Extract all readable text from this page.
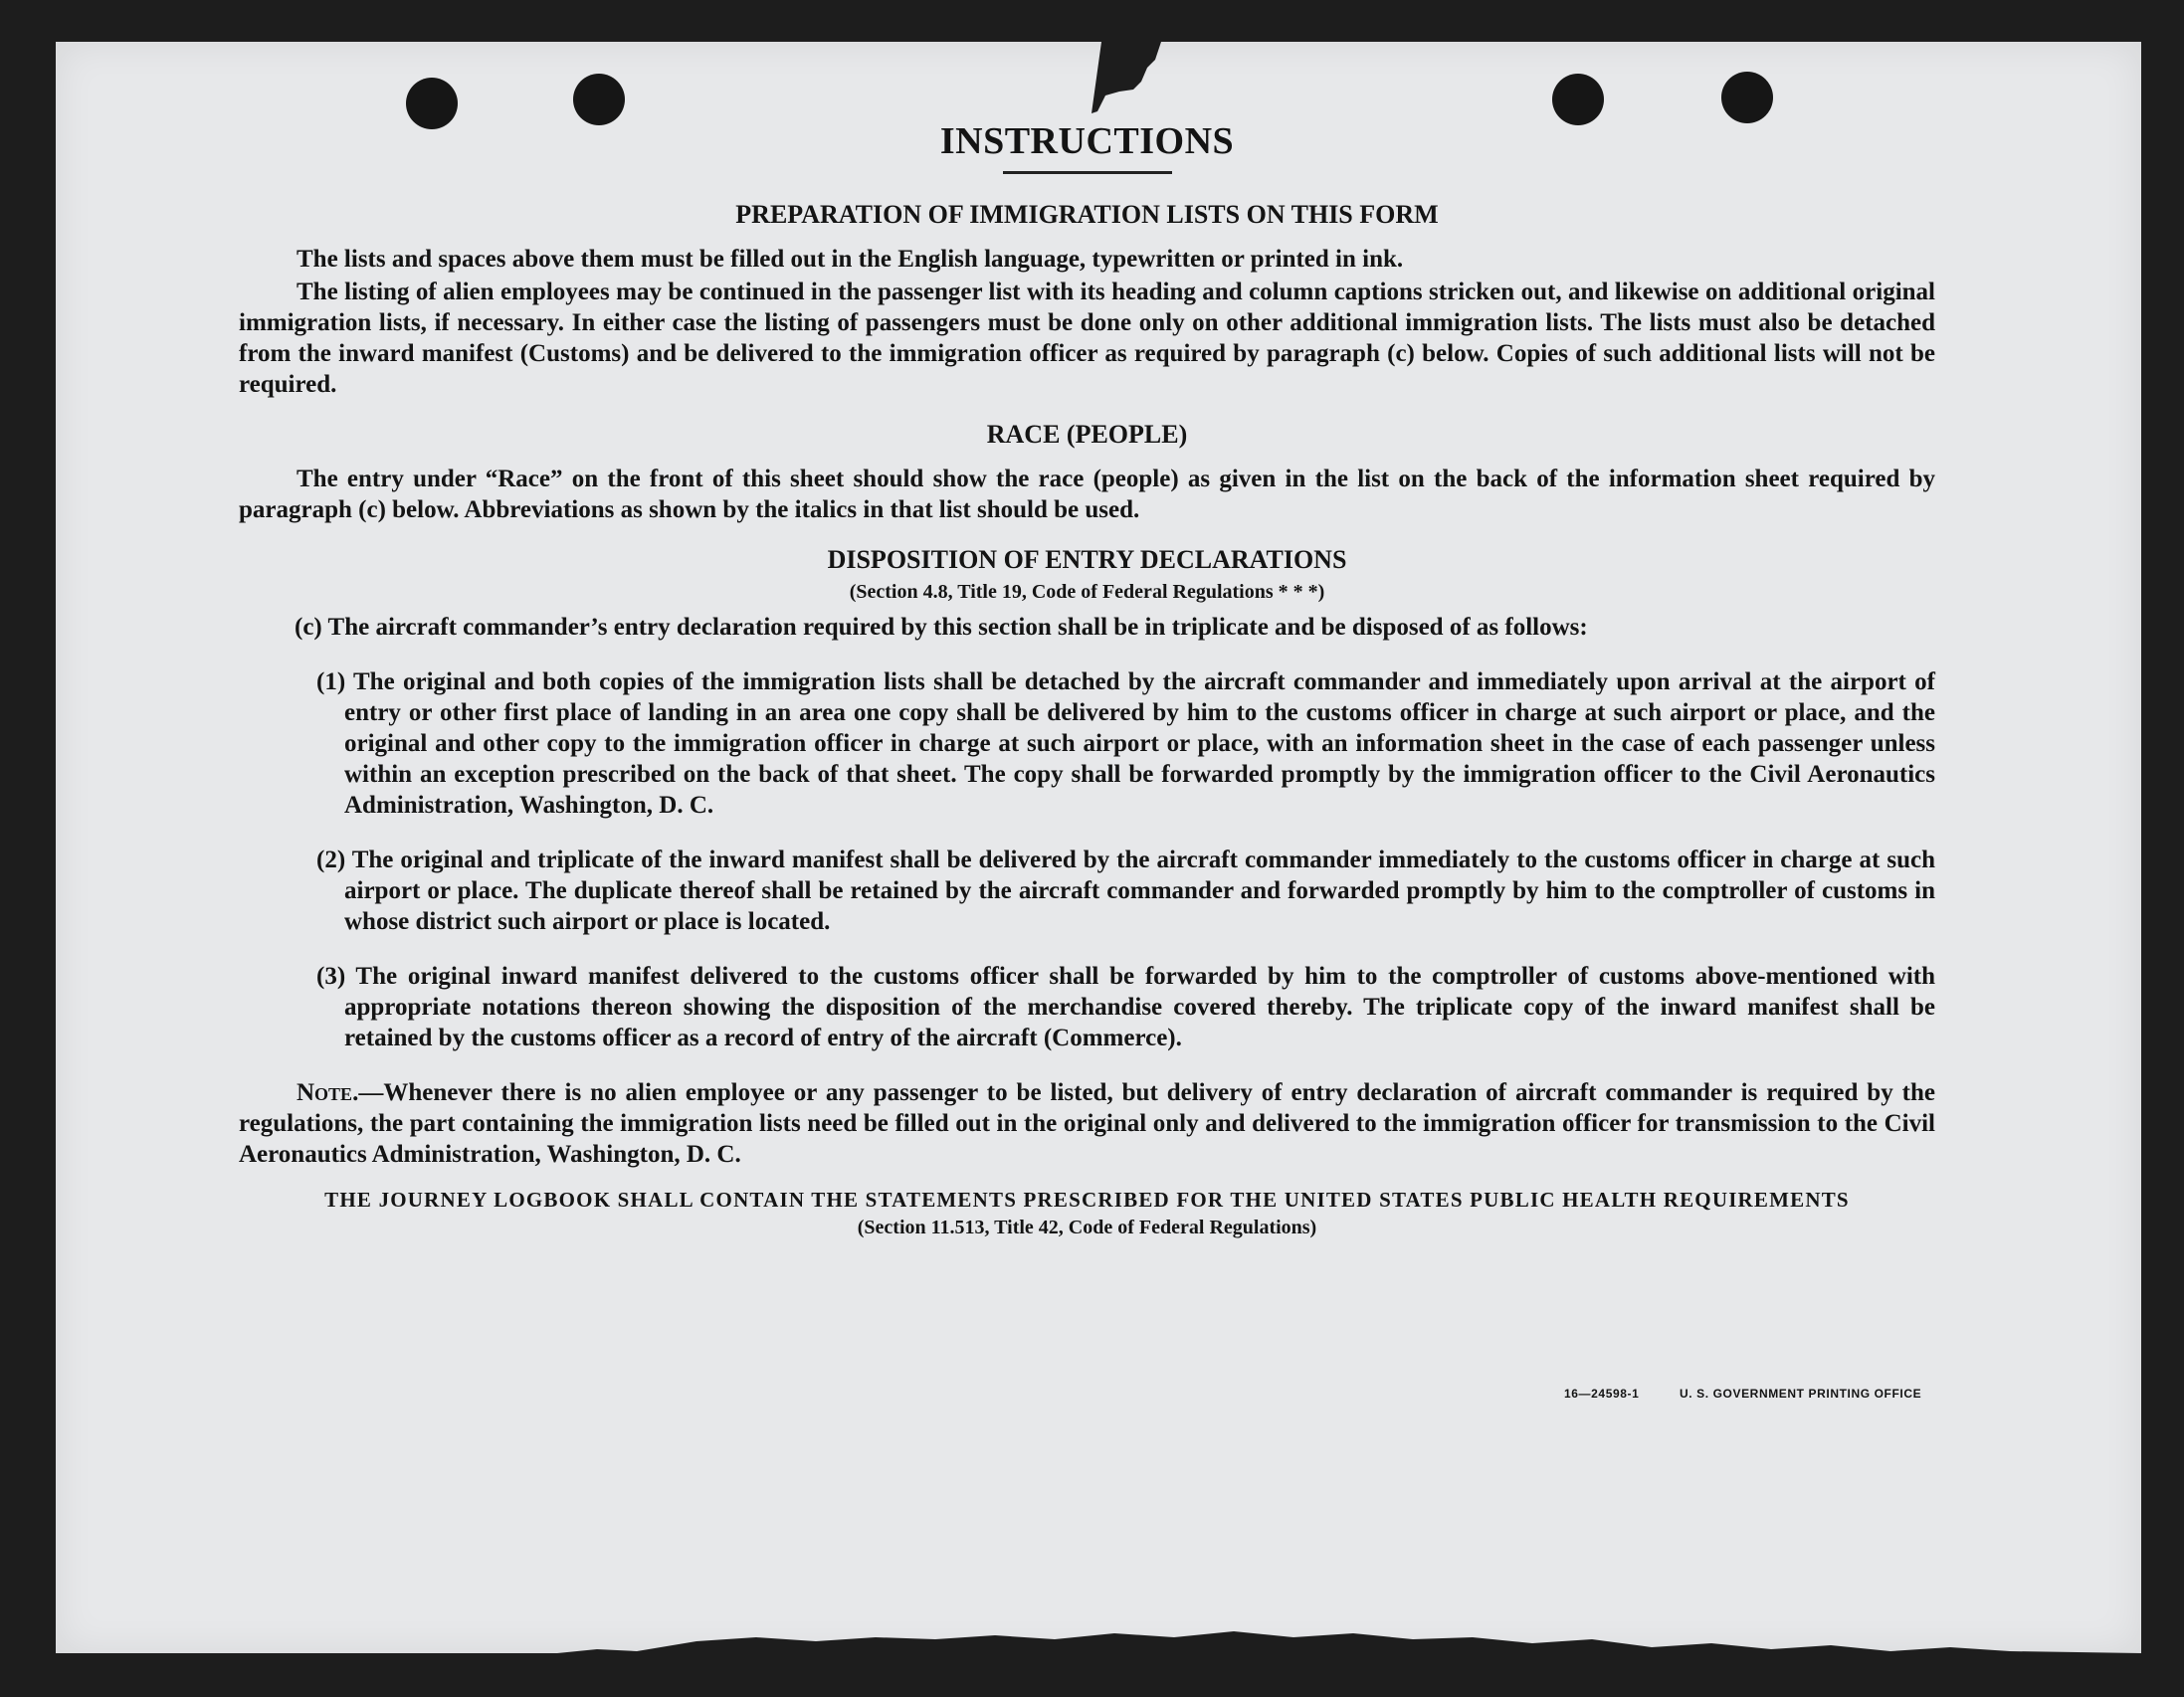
INSTRUCTIONS
PREPARATION OF IMMIGRATION LISTS ON THIS FORM

The lists and spaces above them must be filled out in the English language, typewritten or printed in ink.

The listing of alien employees may be continued in the passenger list with its heading and column captions stricken out, and likewise on additional original immigration lists, if necessary. In either case the listing of passengers must be done only on other additional immigration lists. The lists must also be detached from the inward manifest (Customs) and be delivered to the immigration officer as required by paragraph (c) below. Copies of such additional lists will not be required.

RACE (PEOPLE)

The entry under “Race” on the front of this sheet should show the race (people) as given in the list on the back of the information sheet required by paragraph (c) below. Abbreviations as shown by the italics in that list should be used.

DISPOSITION OF ENTRY DECLARATIONS
(Section 4.8, Title 19, Code of Federal Regulations * * *)

(c) The aircraft commander’s entry declaration required by this section shall be in triplicate and be disposed of as follows:

(1) The original and both copies of the immigration lists shall be detached by the aircraft commander and immediately upon arrival at the airport of entry or other first place of landing in an area one copy shall be delivered by him to the customs officer in charge at such airport or place, and the original and other copy to the immigration officer in charge at such airport or place, with an information sheet in the case of each passenger unless within an exception prescribed on the back of that sheet. The copy shall be forwarded promptly by the immigration officer to the Civil Aeronautics Administration, Washington, D. C.

(2) The original and triplicate of the inward manifest shall be delivered by the aircraft commander immediately to the customs officer in charge at such airport or place. The duplicate thereof shall be retained by the aircraft commander and forwarded promptly by him to the comptroller of customs in whose district such airport or place is located.

(3) The original inward manifest delivered to the customs officer shall be forwarded by him to the comptroller of customs above-mentioned with appropriate notations thereon showing the disposition of the merchandise covered thereby. The triplicate copy of the inward manifest shall be retained by the customs officer as a record of entry of the aircraft (Commerce).

Note.—Whenever there is no alien employee or any passenger to be listed, but delivery of entry declaration of aircraft commander is required by the regulations, the part containing the immigration lists need be filled out in the original only and delivered to the immigration officer for transmission to the Civil Aeronautics Administration, Washington, D. C.

THE JOURNEY LOGBOOK SHALL CONTAIN THE STATEMENTS PRESCRIBED FOR THE UNITED STATES PUBLIC HEALTH REQUIREMENTS
(Section 11.513, Title 42, Code of Federal Regulations)
16—24598-1	U. S. GOVERNMENT PRINTING OFFICE
